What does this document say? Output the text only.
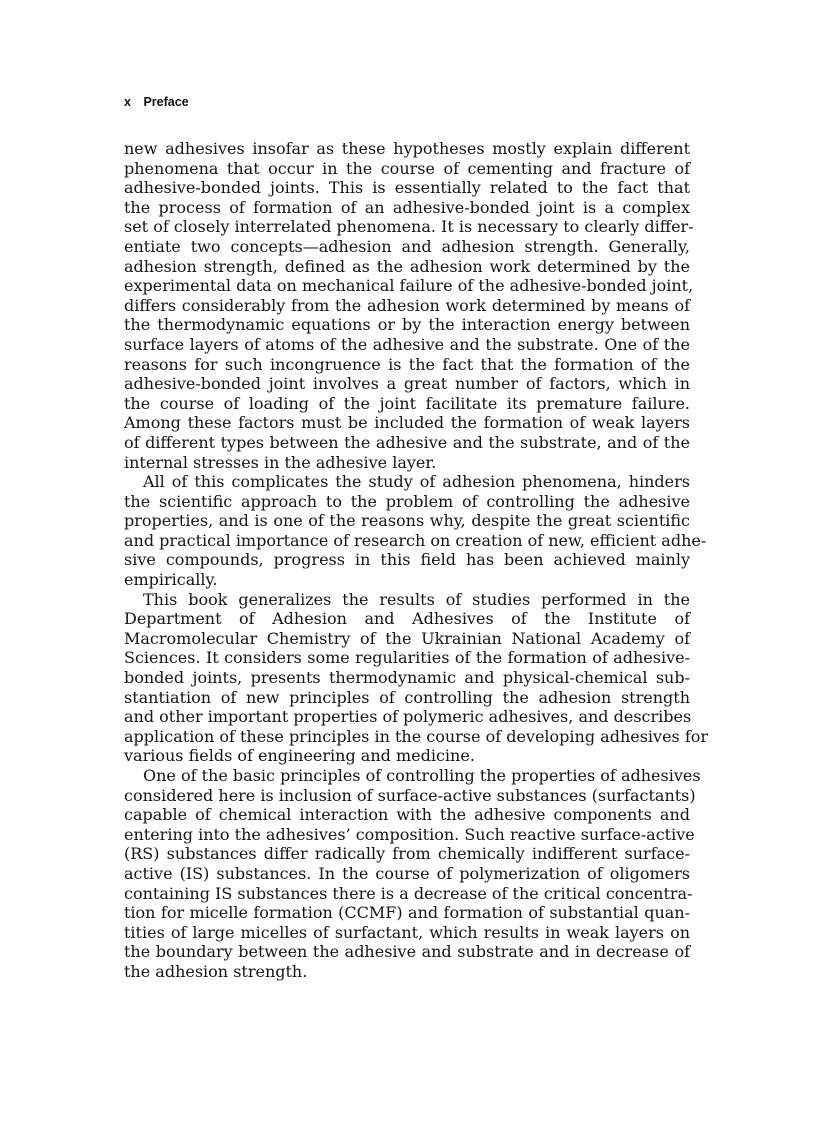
x Preface
new adhesives insofar as these hypotheses mostly explain different
phenomena that occur in the course of cementing and fracture of
adhesive-bonded joints. This is essentially related to the fact that
the process of formation of an adhesive-bonded joint is a complex
set of closely interrelated phenomena. It is necessary to clearly differ-
entiate two concepts—adhesion and adhesion strength. Generally,
adhesion strength, defined as the adhesion work determined by the
experimental data on mechanical failure of the adhesive-bonded joint,
differs considerably from the adhesion work determined by means of
the thermodynamic equations or by the interaction energy between
surface layers of atoms of the adhesive and the substrate. One of the
reasons for such incongruence is the fact that the formation of the
adhesive-bonded joint involves a great number of factors, which in
the course of loading of the joint facilitate its premature failure.
Among these factors must be included the formation of weak layers
of different types between the adhesive and the substrate, and of the
internal stresses in the adhesive layer.
All of this complicates the study of adhesion phenomena, hinders
the scientific approach to the problem of controlling the adhesive
properties, and is one of the reasons why, despite the great scientific
and practical importance of research on creation of new, efficient adhe-
sive compounds, progress in this field has been achieved mainly
empirically.
This book generalizes the results of studies performed in the
Department of Adhesion and Adhesives of the Institute of
Macromolecular Chemistry of the Ukrainian National Academy of
Sciences. It considers some regularities of the formation of adhesive-
bonded joints, presents thermodynamic and physical-chemical sub-
stantiation of new principles of controlling the adhesion strength
and other important properties of polymeric adhesives, and describes
application of these principles in the course of developing adhesives for
various fields of engineering and medicine.
One of the basic principles of controlling the properties of adhesives
considered here is inclusion of surface-active substances (surfactants)
capable of chemical interaction with the adhesive components and
entering into the adhesives’ composition. Such reactive surface-active
(RS) substances differ radically from chemically indifferent surface-
active (IS) substances. In the course of polymerization of oligomers
containing IS substances there is a decrease of the critical concentra-
tion for micelle formation (CCMF) and formation of substantial quan-
tities of large micelles of surfactant, which results in weak layers on
the boundary between the adhesive and substrate and in decrease of
the adhesion strength.
